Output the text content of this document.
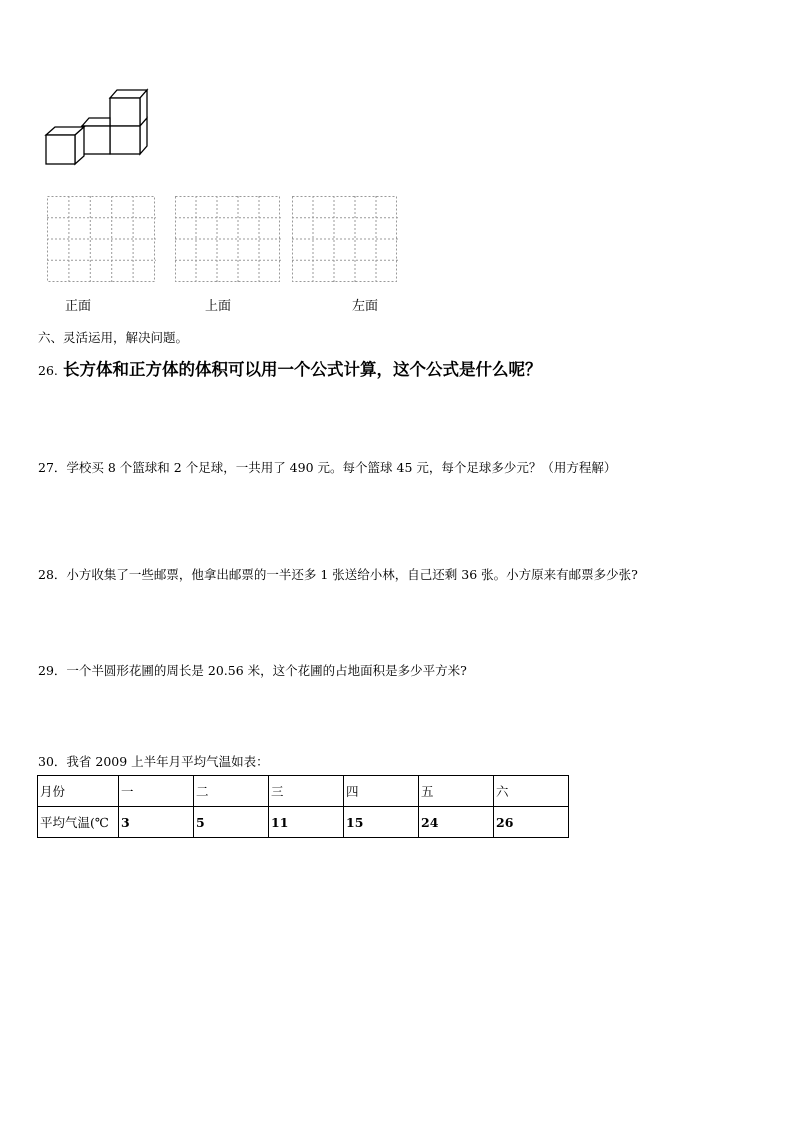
正面	上面	左面
六、灵活运用，解决问题。
26. 长方体和正方体的体积可以用一个公式计算，这个公式是什么呢？
27．学校买 8 个篮球和 2 个足球，一共用了 490 元。每个篮球 45 元，每个足球多少元？（用方程解）
28．小方收集了一些邮票，他拿出邮票的一半还多 1 张送给小林，自己还剩 36 张。小方原来有邮票多少张?
29．一个半圆形花圃的周长是 20.56 米，这个花圃的占地面积是多少平方米?
30．我省 2009 上半年月平均气温如表：
月份	一	二	三	四	五	六
平均气温(℃	3	5	11	15	24	26
